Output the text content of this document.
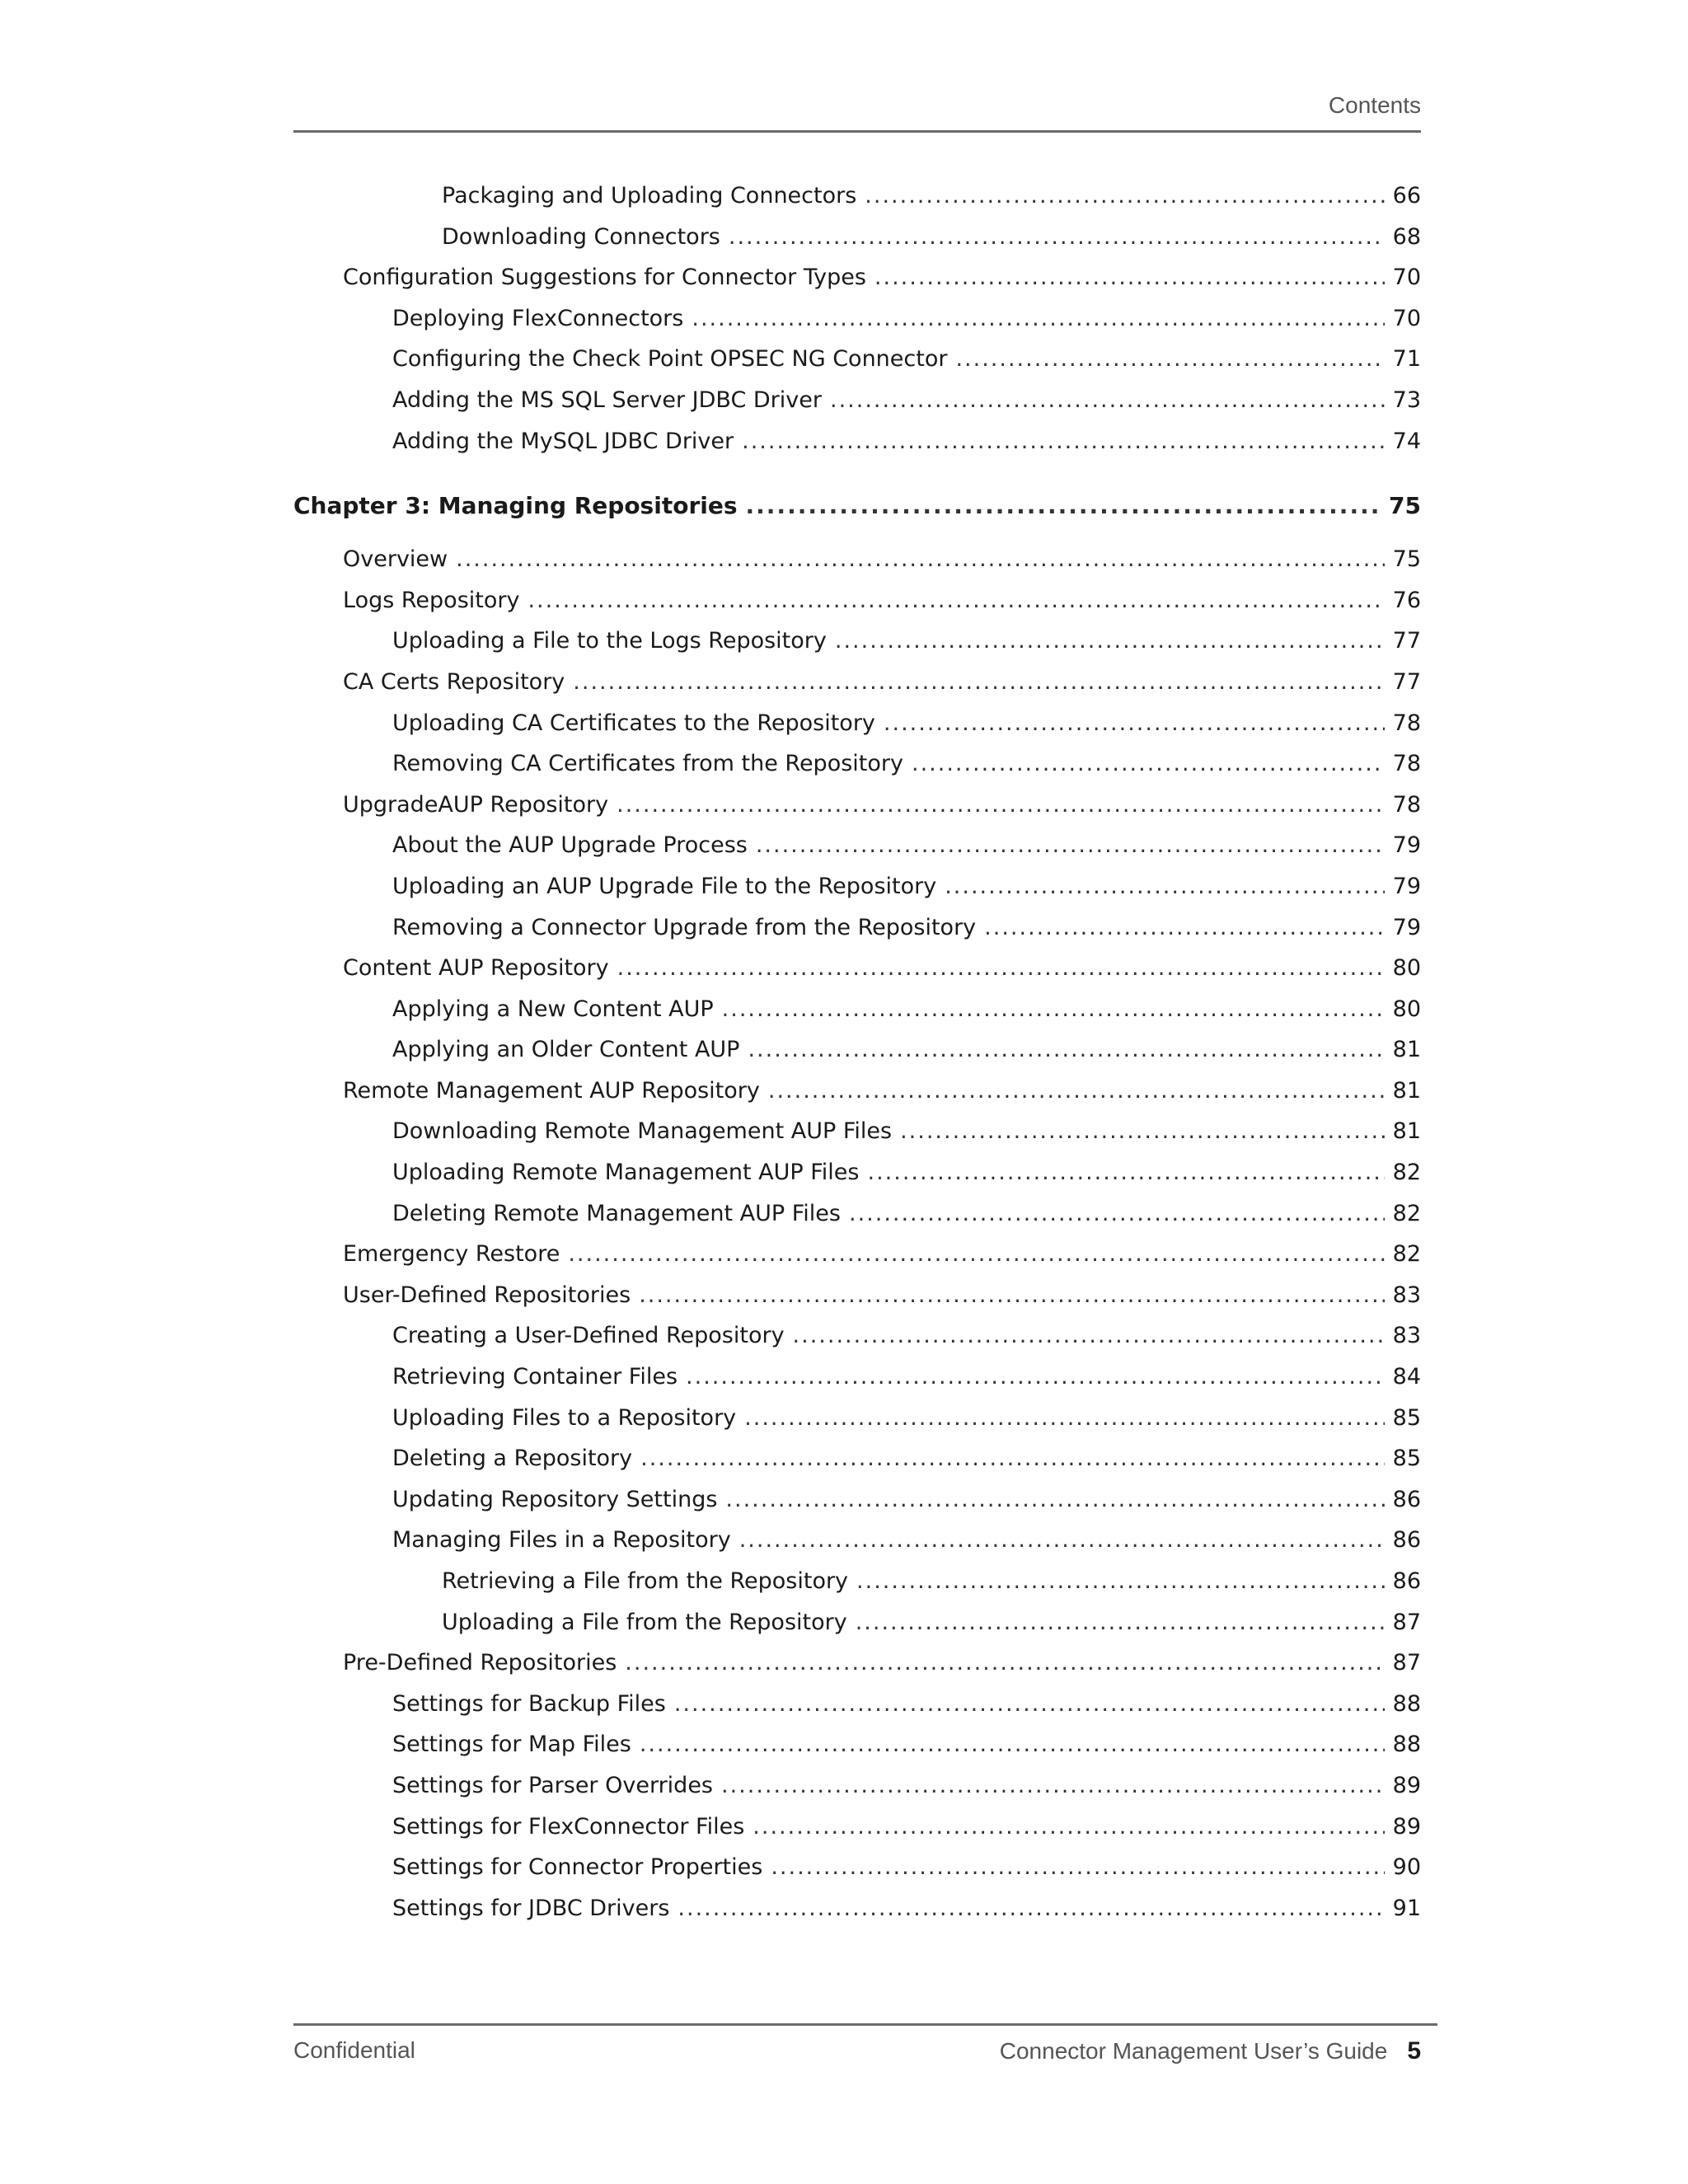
Contents
Packaging and Uploading Connectors .....	66
Downloading Connectors .....	68
Configuration Suggestions for Connector Types .....	70
Deploying FlexConnectors .....	70
Configuring the Check Point OPSEC NG Connector .....	71
Adding the MS SQL Server JDBC Driver .....	73
Adding the MySQL JDBC Driver .....	74
Chapter 3: Managing Repositories .....	75
Overview .....	75
Logs Repository .....	76
Uploading a File to the Logs Repository .....	77
CA Certs Repository .....	77
Uploading CA Certificates to the Repository .....	78
Removing CA Certificates from the Repository .....	78
UpgradeAUP Repository .....	78
About the AUP Upgrade Process .....	79
Uploading an AUP Upgrade File to the Repository .....	79
Removing a Connector Upgrade from the Repository .....	79
Content AUP Repository .....	80
Applying a New Content AUP .....	80
Applying an Older Content AUP .....	81
Remote Management AUP Repository .....	81
Downloading Remote Management AUP Files .....	81
Uploading Remote Management AUP Files .....	82
Deleting Remote Management AUP Files .....	82
Emergency Restore .....	82
User-Defined Repositories .....	83
Creating a User-Defined Repository .....	83
Retrieving Container Files .....	84
Uploading Files to a Repository .....	85
Deleting a Repository .....	85
Updating Repository Settings .....	86
Managing Files in a Repository .....	86
Retrieving a File from the Repository .....	86
Uploading a File from the Repository .....	87
Pre-Defined Repositories .....	87
Settings for Backup Files .....	88
Settings for Map Files .....	88
Settings for Parser Overrides .....	89
Settings for FlexConnector Files .....	89
Settings for Connector Properties .....	90
Settings for JDBC Drivers .....	91
Confidential	Connector Management User’s Guide 5
